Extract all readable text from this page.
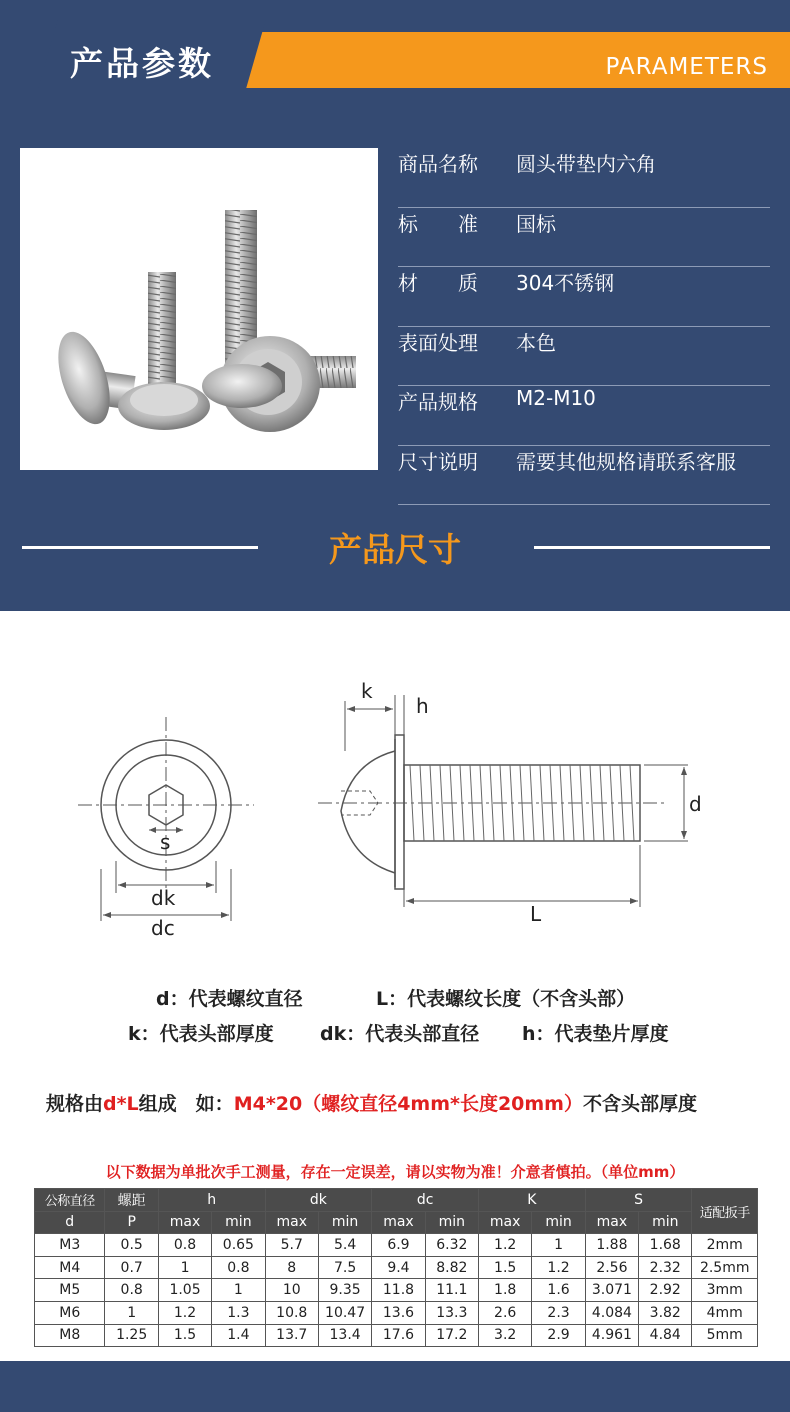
产品参数	PARAMETERS
商品名称 圆头带垫内六角
标　　准 国标
材　　质 304不锈钢
表面处理 本色
产品规格 M2-M10
尺寸说明 需要其他规格请联系客服
产品尺寸
s
dk
dc
k
h
d
L
d：代表螺纹直径	L：代表螺纹长度（不含头部）
k：代表头部厚度 dk：代表头部直径 h：代表垫片厚度
规格由d*L组成　如：M4*20（螺纹直径4mm*长度20mm）不含头部厚度
以下数据为单批次手工测量，存在一定误差，请以实物为准！介意者慎拍。（单位mm）
公称直径	螺距	h		dk		dc		K		S		适配扳手
d	P	max	min	max	min	max	min	max	min	max	min	
M3	0.5	0.8	0.65	5.7	5.4	6.9	6.32	1.2	1	1.88	1.68	2mm
M4	0.7	1	0.8	8	7.5	9.4	8.82	1.5	1.2	2.56	2.32	2.5mm
M5	0.8	1.05	1	10	9.35	11.8	11.1	1.8	1.6	3.071	2.92	3mm
M6	1	1.2	1.3	10.8	10.47	13.6	13.3	2.6	2.3	4.084	3.82	4mm
M8	1.25	1.5	1.4	13.7	13.4	17.6	17.2	3.2	2.9	4.961	4.84	5mm
